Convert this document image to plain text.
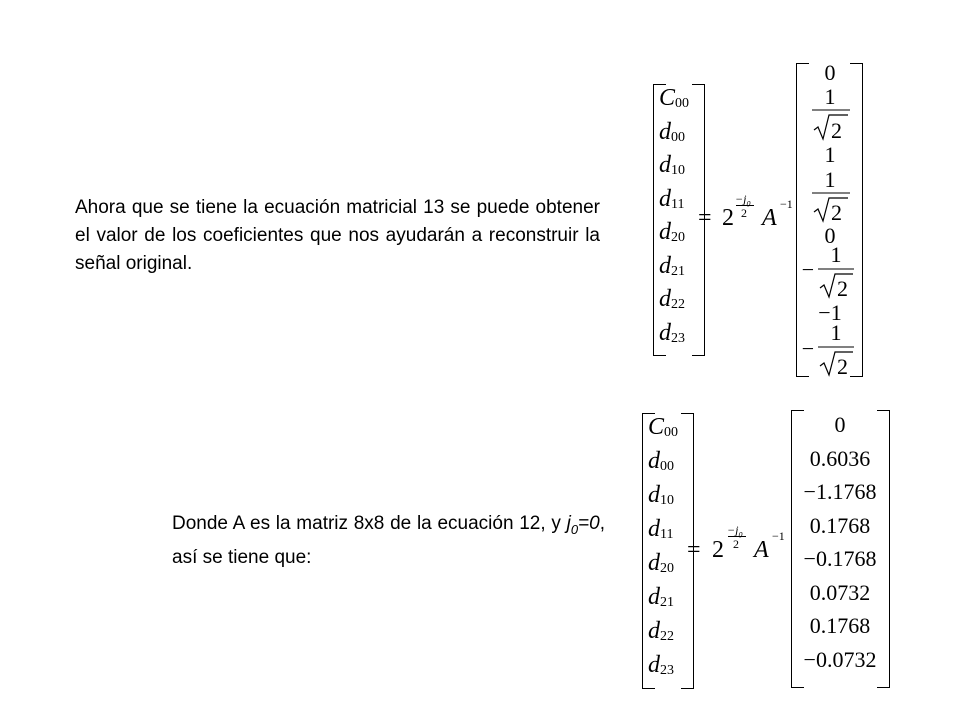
Ahora que se tiene la ecuación matricial 13 se puede obtener el valor de los coeficientes que nos ayudarán a reconstruir la señal original.
Donde A es la matriz 8x8 de la ecuación 12, y $j_0=0$, así se tiene que:
$C_{00}$
$d_{00}$
$d_{10}$
$d_{11}$
$d_{20}$
$d_{21}$
$d_{22}$
$d_{23}$
= 2
$-j_0$
2 A
−1
0
1
2
1
1
2
0
−
1
2
−1
−
1
2
$C_{00}$
$d_{00}$
$d_{10}$
$d_{11}$
$d_{20}$
$d_{21}$
$d_{22}$
$d_{23}$
= 2
$-j_0$
2 A
−1
0
0.6036
−1.1768
0.1768
−0.1768
0.0732
0.1768
−0.0732
